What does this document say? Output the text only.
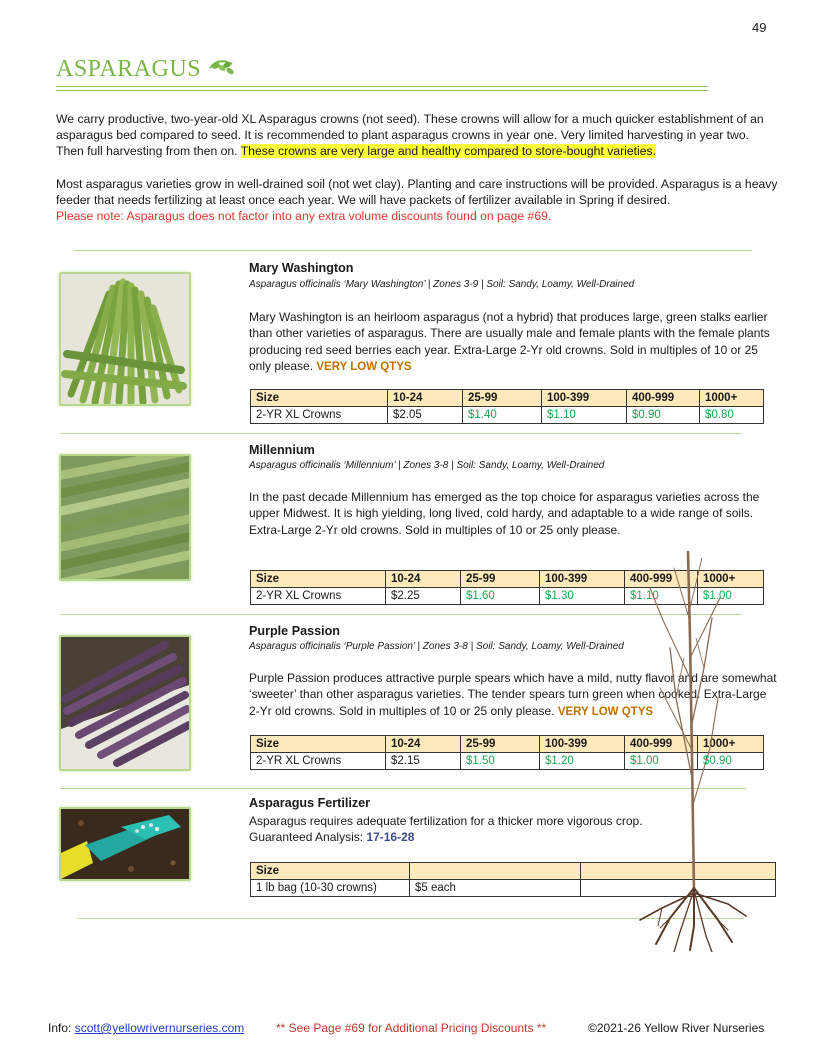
49
ASPARAGUS
We carry productive, two-year-old XL Asparagus crowns (not seed). These crowns will allow for a much quicker establishment of an asparagus bed compared to seed. It is recommended to plant asparagus crowns in year one. Very limited harvesting in year two. Then full harvesting from then on. These crowns are very large and healthy compared to store-bought varieties.
Most asparagus varieties grow in well-drained soil (not wet clay). Planting and care instructions will be provided. Asparagus is a heavy feeder that needs fertilizing at least once each year. We will have packets of fertilizer available in Spring if desired.
Please note: Asparagus does not factor into any extra volume discounts found on page #69.
Mary Washington
Asparagus officinalis ‘Mary Washington’ | Zones 3-9 | Soil: Sandy, Loamy, Well-Drained
Mary Washington is an heirloom asparagus (not a hybrid) that produces large, green stalks earlier than other varieties of asparagus. There are usually male and female plants with the female plants producing red seed berries each year. Extra-Large 2-Yr old crowns. Sold in multiples of 10 or 25 only please. VERY LOW QTYS
Size	10-24	25-99	100-399	400-999	1000+
2-YR XL Crowns	$2.05	$1.40	$1.10	$0.90	$0.80
Millennium
Asparagus officinalis ‘Millennium’ | Zones 3-8 | Soil: Sandy, Loamy, Well-Drained
In the past decade Millennium has emerged as the top choice for asparagus varieties across the upper Midwest. It is high yielding, long lived, cold hardy, and adaptable to a wide range of soils. Extra-Large 2-Yr old crowns. Sold in multiples of 10 or 25 only please.
Size	10-24	25-99	100-399	400-999	1000+
2-YR XL Crowns	$2.25	$1.60	$1.30	$1.10	$1.00
Purple Passion
Asparagus officinalis ‘Purple Passion’ | Zones 3-8 | Soil: Sandy, Loamy, Well-Drained
Purple Passion produces attractive purple spears which have a mild, nutty flavor and are somewhat ‘sweeter’ than other asparagus varieties. The tender spears turn green when cooked. Extra-Large 2-Yr old crowns. Sold in multiples of 10 or 25 only please. VERY LOW QTYS
Size	10-24	25-99	100-399	400-999	1000+
2-YR XL Crowns	$2.15	$1.50	$1.20	$1.00	$0.90
Asparagus Fertilizer
Asparagus requires adequate fertilization for a thicker more vigorous crop.
Guaranteed Analysis: 17-16-28
Size		
1 lb bag (10-30 crowns)	$5 each	
Info: scott@yellowrivernurseries.com	** See Page #69 for Additional Pricing Discounts **	©2021-26 Yellow River Nurseries
